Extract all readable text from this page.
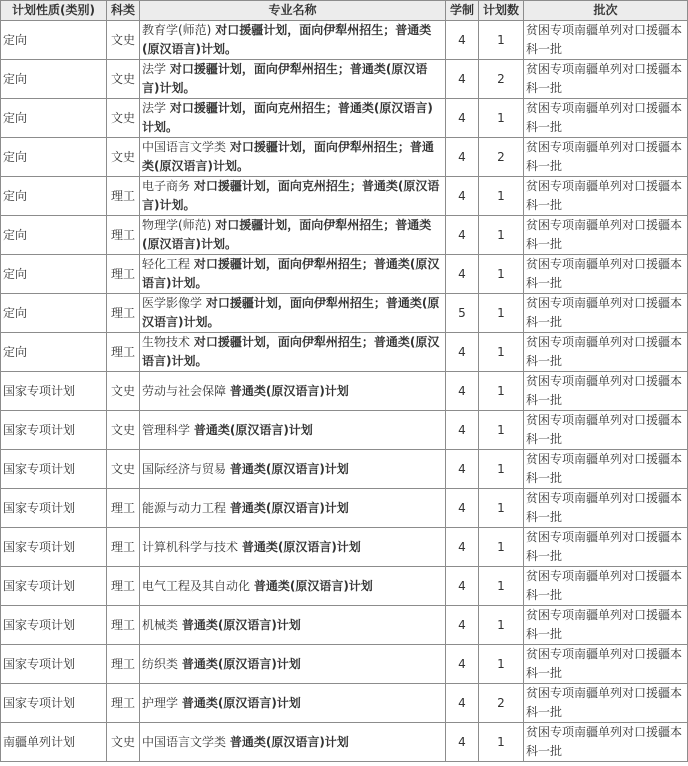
计划性质(类别)	科类	专业名称	学制	计划数	批次
定向	文史	教育学(师范) 对口援疆计划，面向伊犁州招生；普通类(原汉语言)计划。	4	1	贫困专项南疆单列对口援疆本科一批
定向	文史	法学 对口援疆计划，面向伊犁州招生；普通类(原汉语言)计划。	4	2	贫困专项南疆单列对口援疆本科一批
定向	文史	法学 对口援疆计划，面向克州招生；普通类(原汉语言)计划。	4	1	贫困专项南疆单列对口援疆本科一批
定向	文史	中国语言文学类 对口援疆计划，面向伊犁州招生；普通类(原汉语言)计划。	4	2	贫困专项南疆单列对口援疆本科一批
定向	理工	电子商务 对口援疆计划，面向克州招生；普通类(原汉语言)计划。	4	1	贫困专项南疆单列对口援疆本科一批
定向	理工	物理学(师范) 对口援疆计划，面向伊犁州招生；普通类(原汉语言)计划。	4	1	贫困专项南疆单列对口援疆本科一批
定向	理工	轻化工程 对口援疆计划，面向伊犁州招生；普通类(原汉语言)计划。	4	1	贫困专项南疆单列对口援疆本科一批
定向	理工	医学影像学 对口援疆计划，面向伊犁州招生；普通类(原汉语言)计划。	5	1	贫困专项南疆单列对口援疆本科一批
定向	理工	生物技术 对口援疆计划，面向伊犁州招生；普通类(原汉语言)计划。	4	1	贫困专项南疆单列对口援疆本科一批
国家专项计划	文史	劳动与社会保障 普通类(原汉语言)计划	4	1	贫困专项南疆单列对口援疆本科一批
国家专项计划	文史	管理科学 普通类(原汉语言)计划	4	1	贫困专项南疆单列对口援疆本科一批
国家专项计划	文史	国际经济与贸易 普通类(原汉语言)计划	4	1	贫困专项南疆单列对口援疆本科一批
国家专项计划	理工	能源与动力工程 普通类(原汉语言)计划	4	1	贫困专项南疆单列对口援疆本科一批
国家专项计划	理工	计算机科学与技术 普通类(原汉语言)计划	4	1	贫困专项南疆单列对口援疆本科一批
国家专项计划	理工	电气工程及其自动化 普通类(原汉语言)计划	4	1	贫困专项南疆单列对口援疆本科一批
国家专项计划	理工	机械类 普通类(原汉语言)计划	4	1	贫困专项南疆单列对口援疆本科一批
国家专项计划	理工	纺织类 普通类(原汉语言)计划	4	1	贫困专项南疆单列对口援疆本科一批
国家专项计划	理工	护理学 普通类(原汉语言)计划	4	2	贫困专项南疆单列对口援疆本科一批
南疆单列计划	文史	中国语言文学类 普通类(原汉语言)计划	4	1	贫困专项南疆单列对口援疆本科一批
